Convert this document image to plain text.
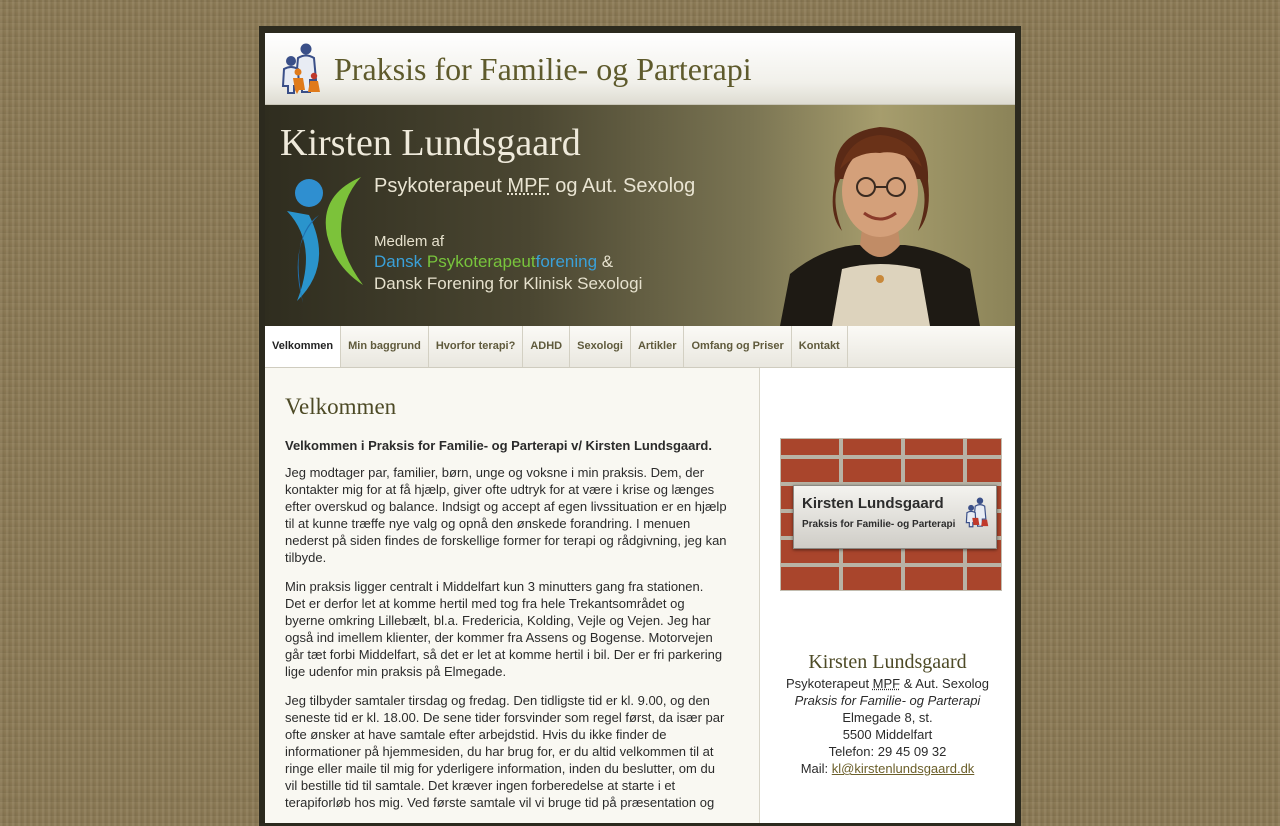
Praksis for Familie- og Parterapi
Kirsten Lundsgaard
Psykoterapeut MPF og Aut. Sexolog
Medlem af
Dansk Psykoterapeutforening &
Dansk Forening for Klinisk Sexologi
Velkommen	Min baggrund	Hvorfor terapi?	ADHD	Sexologi	Artikler	Omfang og Priser	Kontakt
Velkommen

Velkommen i Praksis for Familie- og Parterapi v/ Kirsten Lundsgaard.

Jeg modtager par, familier, børn, unge og voksne i min praksis. Dem, der kontakter mig for at få hjælp, giver ofte udtryk for at være i krise og længes efter overskud og balance. Indsigt og accept af egen livssituation er en hjælp til at kunne træffe nye valg og opnå den ønskede forandring. I menuen nederst på siden findes de forskellige former for terapi og rådgivning, jeg kan tilbyde.

Min praksis ligger centralt i Middelfart kun 3 minutters gang fra stationen. Det er derfor let at komme hertil med tog fra hele Trekantsområdet og byerne omkring Lillebælt, bl.a. Fredericia, Kolding, Vejle og Vejen. Jeg har også ind imellem klienter, der kommer fra Assens og Bogense. Motorvejen går tæt forbi Middelfart, så det er let at komme hertil i bil. Der er fri parkering lige udenfor min praksis på Elmegade.

Jeg tilbyder samtaler tirsdag og fredag. Den tidligste tid er kl. 9.00, og den seneste tid er kl. 18.00. De sene tider forsvinder som regel først, da især par ofte ønsker at have samtale efter arbejdstid. Hvis du ikke finder de informationer på hjemmesiden, du har brug for, er du altid velkommen til at ringe eller maile til mig for yderligere information, inden du beslutter, om du vil bestille tid til samtale. Det kræver ingen forberedelse at starte i et terapiforløb hos mig. Ved første samtale vil vi bruge tid på præsentation og

Kirsten Lundsgaard
Praksis for Familie- og Parterapi
Kirsten Lundsgaard
Psykoterapeut MPF & Aut. Sexolog
Praksis for Familie- og Parterapi
Elmegade 8, st.
5500 Middelfart
Telefon: 29 45 09 32
Mail: kl@kirstenlundsgaard.dk
